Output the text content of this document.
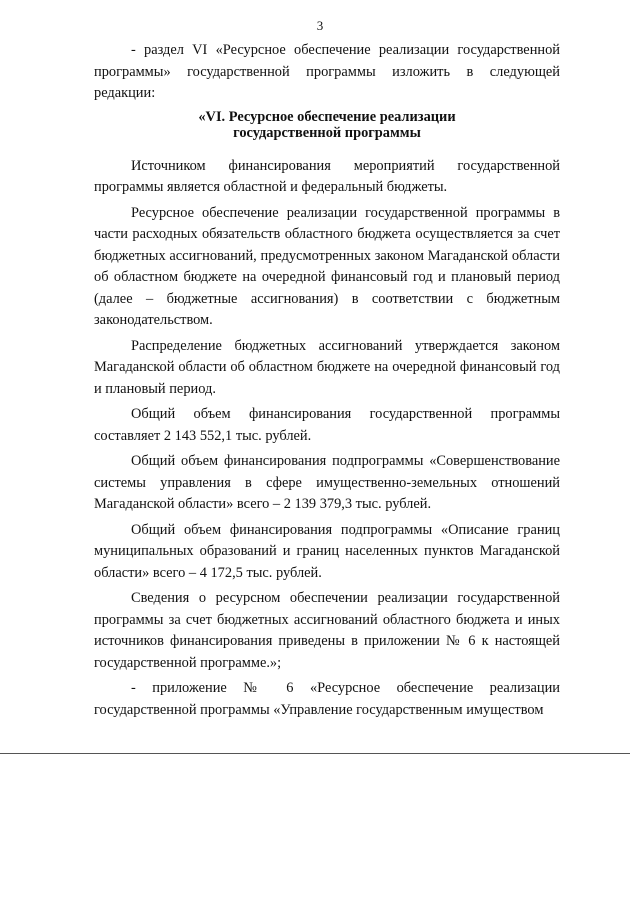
3

- раздел VI «Ресурсное обеспечение реализации государственной программы» государственной программы изложить в следующей редакции:

«VI. Ресурсное обеспечение реализации
государственной программы

Источником финансирования мероприятий государственной программы является областной и федеральный бюджеты.

Ресурсное обеспечение реализации государственной программы в части расходных обязательств областного бюджета осуществляется за счет бюджетных ассигнований, предусмотренных законом Магаданской области об областном бюджете на очередной финансовый год и плановый период (далее – бюджетные ассигнования) в соответствии с бюджетным законодательством.

Распределение бюджетных ассигнований утверждается законом Магаданской области об областном бюджете на очередной финансовый год и плановый период.

Общий объем финансирования государственной программы составляет 2 143 552,1 тыс. рублей.

Общий объем финансирования подпрограммы «Совершенствование системы управления в сфере имущественно-земельных отношений Магаданской области» всего – 2 139 379,3 тыс. рублей.

Общий объем финансирования подпрограммы «Описание границ муниципальных образований и границ населенных пунктов Магаданской области» всего – 4 172,5 тыс. рублей.

Сведения о ресурсном обеспечении реализации государственной программы за счет бюджетных ассигнований областного бюджета и иных источников финансирования приведены в приложении № 6 к настоящей государственной программе.»;

- приложение № 6 «Ресурсное обеспечение реализации государственной программы «Управление государственным имуществом
